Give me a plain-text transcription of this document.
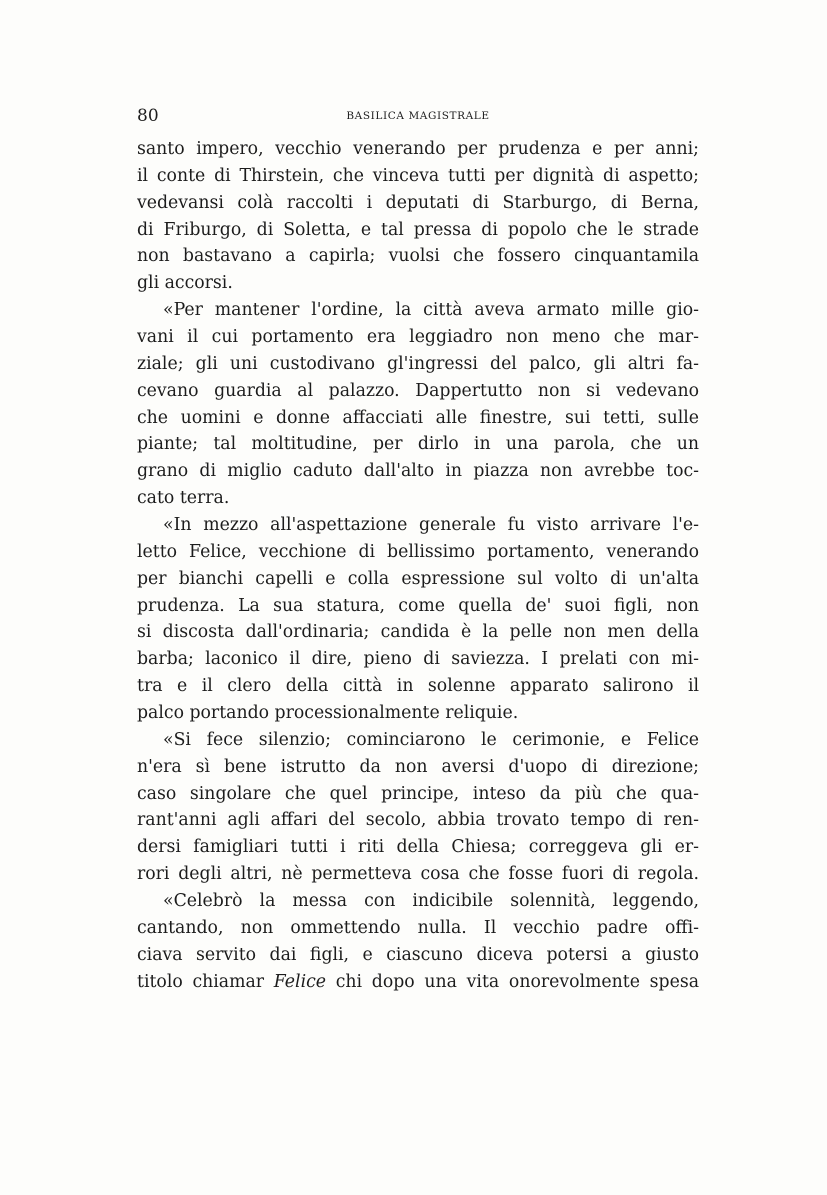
80	BASILICA MAGISTRALE
santo impero, vecchio venerando per prudenza e per anni;
il conte di Thirstein, che vinceva tutti per dignità di aspetto;
vedevansi colà raccolti i deputati di Starburgo, di Berna,
di Friburgo, di Soletta, e tal pressa di popolo che le strade
non bastavano a capirla; vuolsi che fossero cinquantamila
gli accorsi.
«Per mantener l'ordine, la città aveva armato mille gio-
vani il cui portamento era leggiadro non meno che mar-
ziale; gli uni custodivano gl'ingressi del palco, gli altri fa-
cevano guardia al palazzo. Dappertutto non si vedevano
che uomini e donne affacciati alle finestre, sui tetti, sulle
piante; tal moltitudine, per dirlo in una parola, che un
grano di miglio caduto dall'alto in piazza non avrebbe toc-
cato terra.
«In mezzo all'aspettazione generale fu visto arrivare l'e-
letto Felice, vecchione di bellissimo portamento, venerando
per bianchi capelli e colla espressione sul volto di un'alta
prudenza. La sua statura, come quella de' suoi figli, non
si discosta dall'ordinaria; candida è la pelle non men della
barba; laconico il dire, pieno di saviezza. I prelati con mi-
tra e il clero della città in solenne apparato salirono il
palco portando processionalmente reliquie.
«Si fece silenzio; cominciarono le cerimonie, e Felice
n'era sì bene istrutto da non aversi d'uopo di direzione;
caso singolare che quel principe, inteso da più che qua-
rant'anni agli affari del secolo, abbia trovato tempo di ren-
dersi famigliari tutti i riti della Chiesa; correggeva gli er-
rori degli altri, nè permetteva cosa che fosse fuori di regola.
«Celebrò la messa con indicibile solennità, leggendo,
cantando, non ommettendo nulla. Il vecchio padre offi-
ciava servito dai figli, e ciascuno diceva potersi a giusto
titolo chiamar Felice chi dopo una vita onorevolmente spesa
